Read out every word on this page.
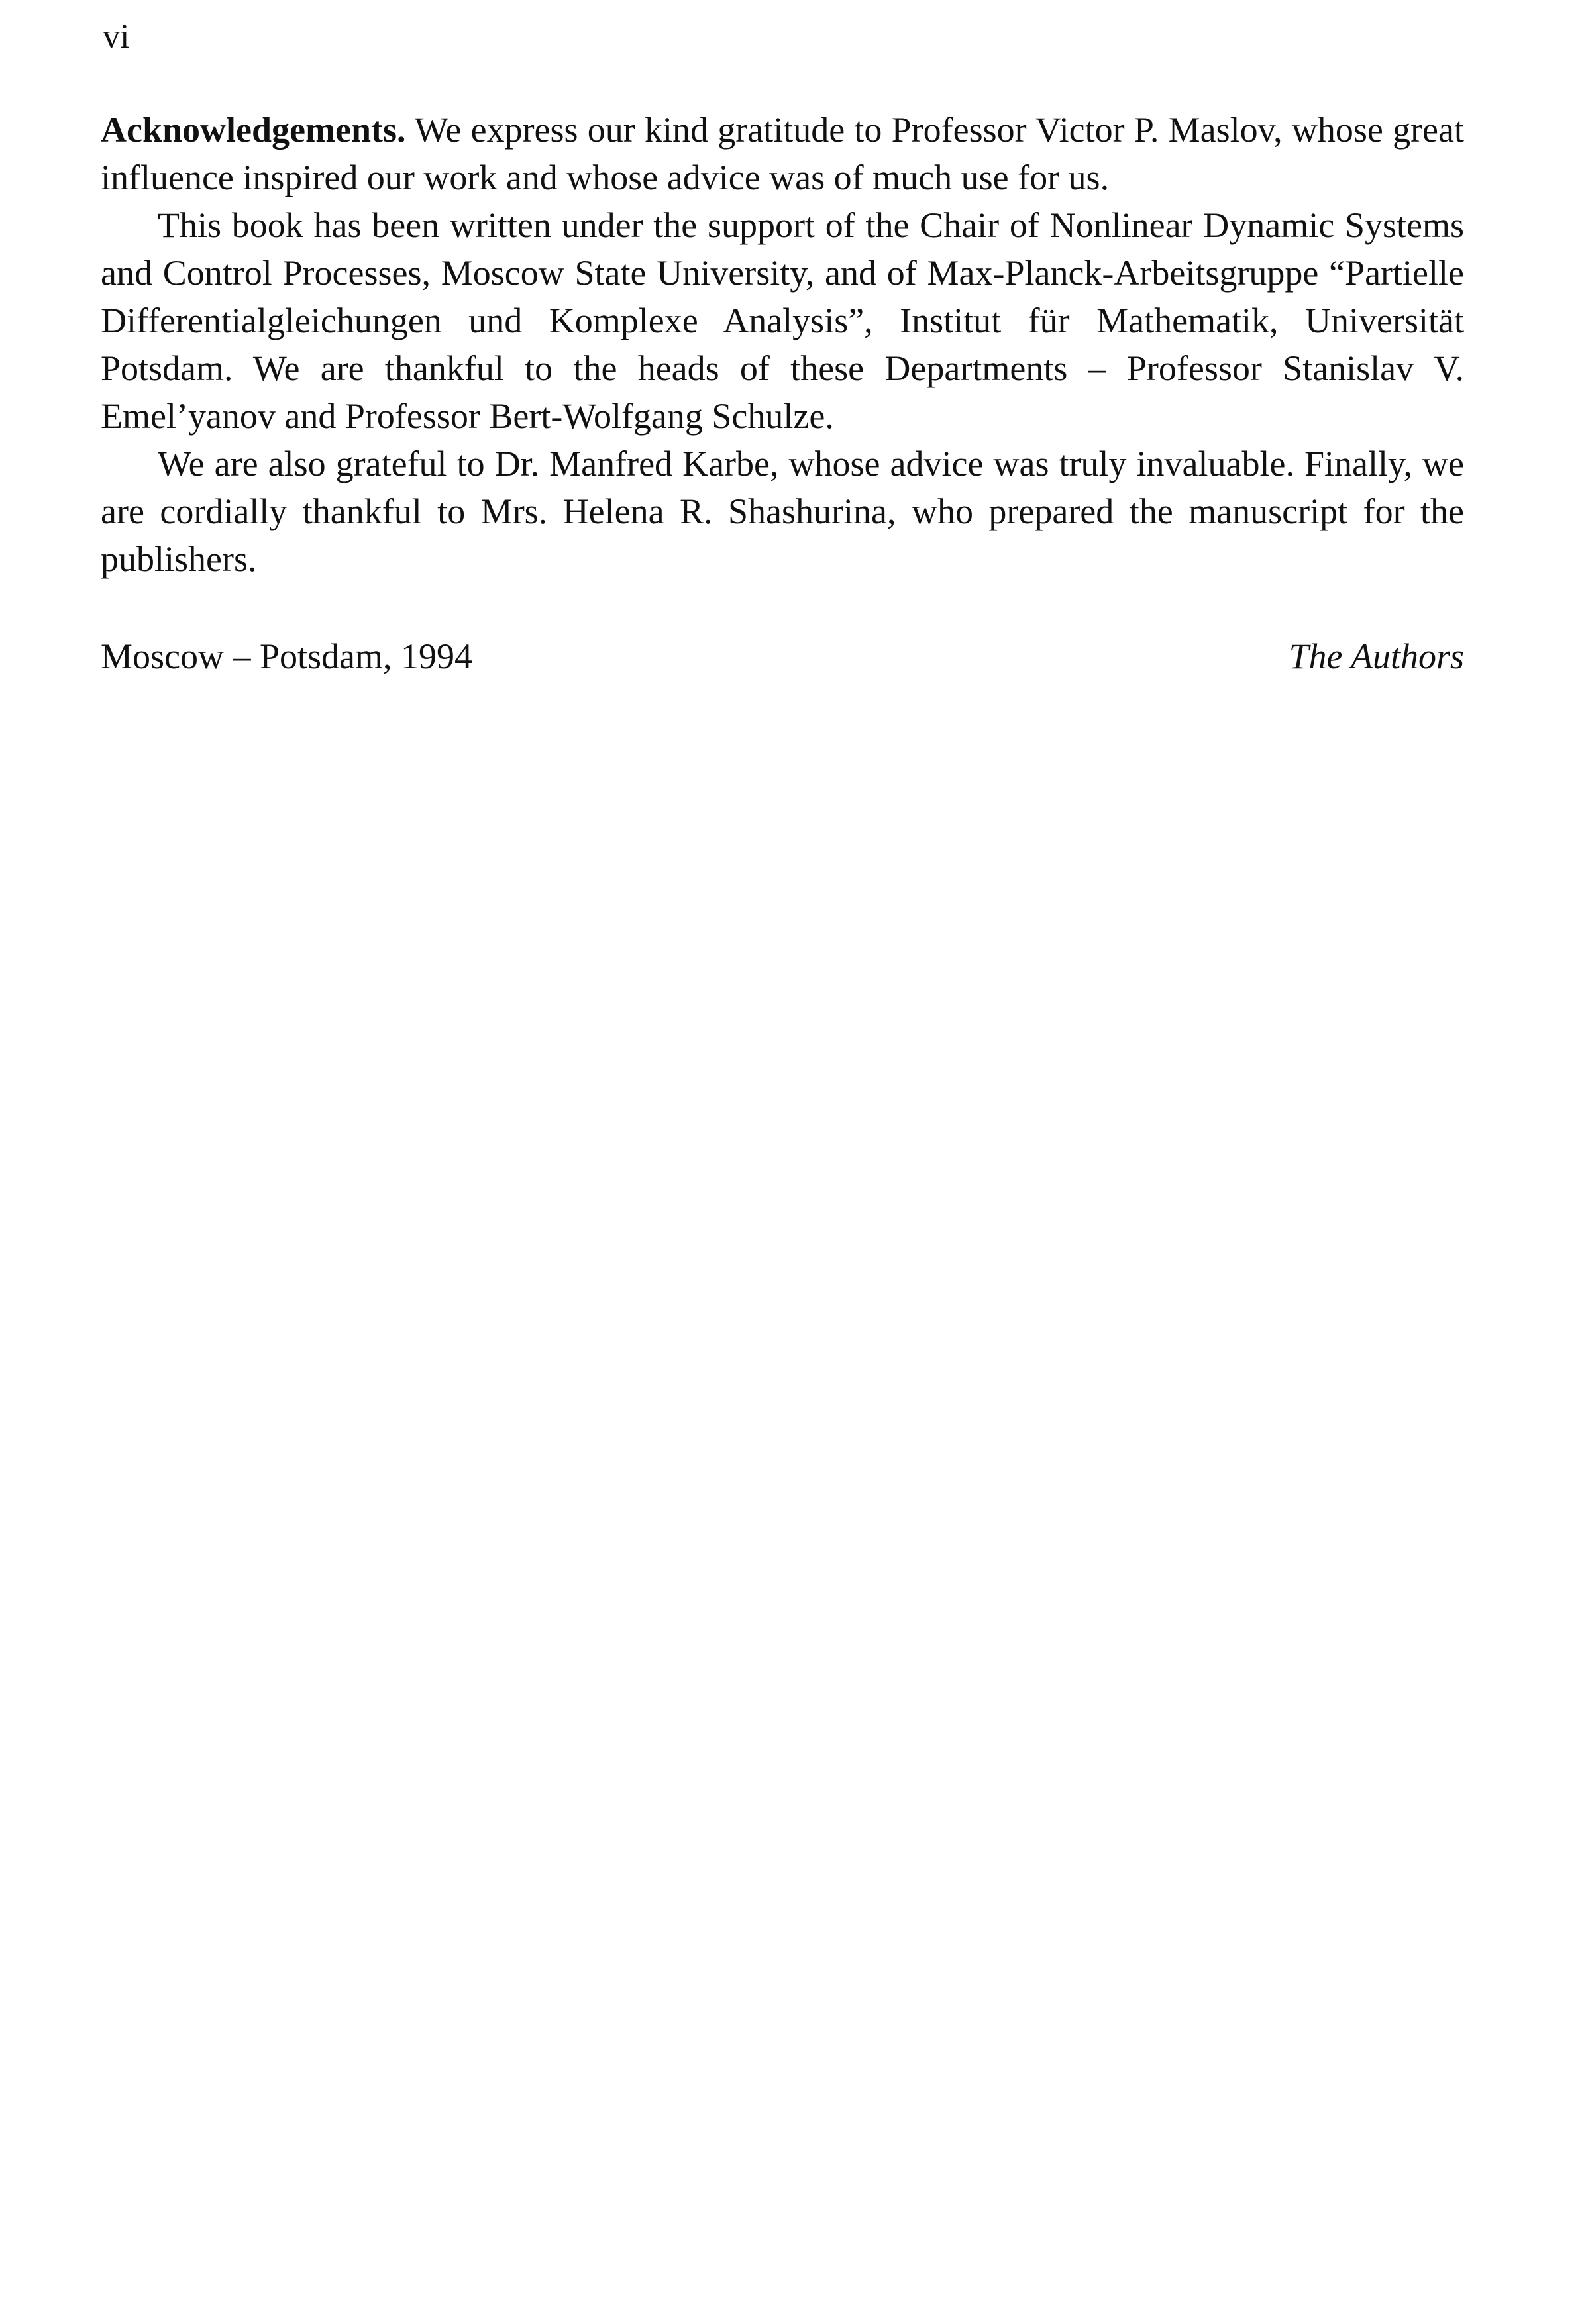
vi

Acknowledgements. We express our kind gratitude to Professor Victor P. Maslov, whose great influence inspired our work and whose advice was of much use for us.

This book has been written under the support of the Chair of Nonlinear Dynamic Systems and Control Processes, Moscow State University, and of Max-Planck-Arbeitsgruppe “Partielle Differentialgleichungen und Komplexe Analysis”, Institut für Mathematik, Universität Potsdam. We are thankful to the heads of these Departments – Professor Stanislav V. Emel’yanov and Professor Bert-Wolfgang Schulze.

We are also grateful to Dr. Manfred Karbe, whose advice was truly invaluable. Finally, we are cordially thankful to Mrs. Helena R. Shashurina, who prepared the manuscript for the publishers.

Moscow – Potsdam, 1994	The Authors
